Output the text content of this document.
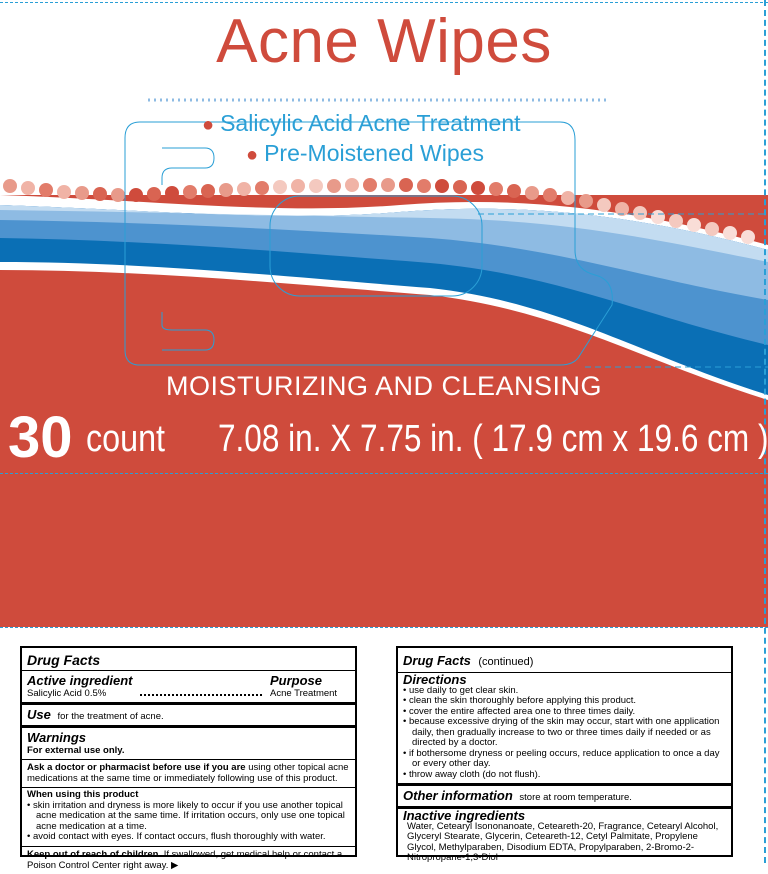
Acne Wipes
● Salicylic Acid Acne Treatment
● Pre-Moistened Wipes
MOISTURIZING AND CLEANSING
30 count 7.08 in. X 7.75 in. ( 17.9 cm x 19.6 cm )
Drug Facts
Active ingredient
Salicylic Acid 0.5%
Purpose
Acne Treatment
Use for the treatment of acne.
Warnings
For external use only.
Ask a doctor or pharmacist before use if you are using other topical acne medications at the same time or immediately following use of this product.
When using this product
• skin irritation and dryness is more likely to occur if you use another topical acne medication at the same time. If irritation occurs, only use one topical acne medication at a time.
• avoid contact with eyes. If contact occurs, flush thoroughly with water.
Keep out of reach of children. If swallowed, get medical help or contact a Poison Control Center right away. ▶
Drug Facts (continued)
Directions
• use daily to get clear skin.
• clean the skin thoroughly before applying this product.
• cover the entire affected area one to three times daily.
• because excessive drying of the skin may occur, start with one application daily, then gradually increase to two or three times daily if needed or as directed by a doctor.
• if bothersome dryness or peeling occurs, reduce application to once a day or every other day.
• throw away cloth (do not flush).
Other information store at room temperature.
Inactive ingredients
Water, Cetearyl Isononanoate, Ceteareth-20, Fragrance, Cetearyl Alcohol, Glyceryl Stearate, Glycerin, Ceteareth-12, Cetyl Palmitate, Propylene Glycol, Methylparaben, Disodium EDTA, Propylparaben, 2-Bromo-2-Nitropropane-1,3-Diol
